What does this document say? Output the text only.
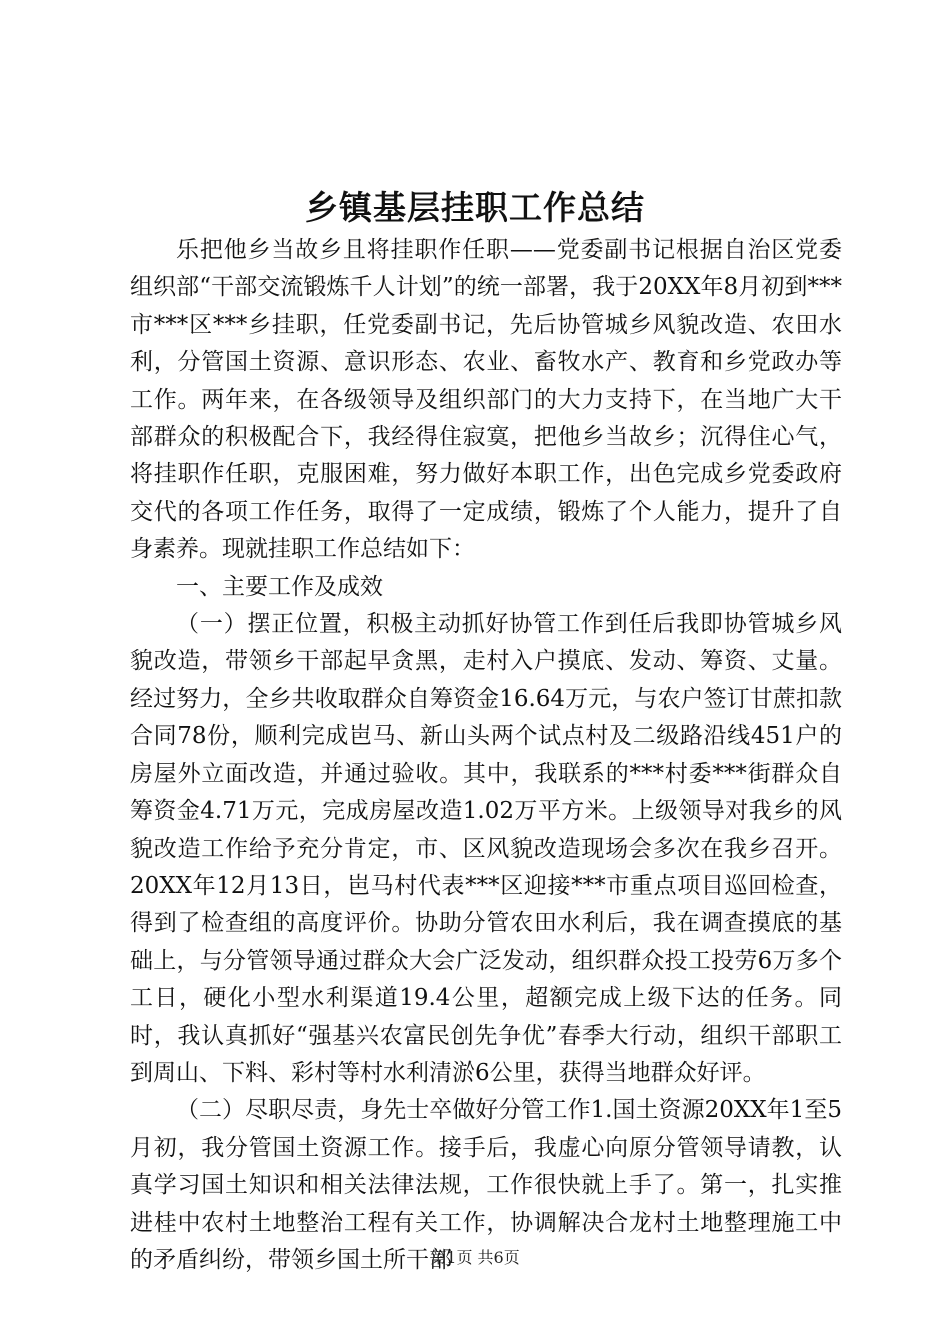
乡镇基层挂职工作总结

乐把他乡当故乡且将挂职作任职——党委副书记根据自治区党委组织部“干部交流锻炼千人计划”的统一部署，我于20XX年8月初到***市***区***乡挂职，任党委副书记，先后协管城乡风貌改造、农田水利，分管国土资源、意识形态、农业、畜牧水产、教育和乡党政办等工作。两年来，在各级领导及组织部门的大力支持下，在当地广大干部群众的积极配合下，我经得住寂寞，把他乡当故乡；沉得住心气，将挂职作任职，克服困难，努力做好本职工作，出色完成乡党委政府交代的各项工作任务，取得了一定成绩，锻炼了个人能力，提升了自身素养。现就挂职工作总结如下：

一、主要工作及成效

（一）摆正位置，积极主动抓好协管工作到任后我即协管城乡风貌改造，带领乡干部起早贪黑，走村入户摸底、发动、筹资、丈量。经过努力，全乡共收取群众自筹资金16.64万元，与农户签订甘蔗扣款合同78份，顺利完成岜马、新山头两个试点村及二级路沿线451户的房屋外立面改造，并通过验收。其中，我联系的***村委***街群众自筹资金4.71万元，完成房屋改造1.02万平方米。上级领导对我乡的风貌改造工作给予充分肯定，市、区风貌改造现场会多次在我乡召开。20XX年12月13日，岜马村代表***区迎接***市重点项目巡回检查，得到了检查组的高度评价。协助分管农田水利后，我在调查摸底的基础上，与分管领导通过群众大会广泛发动，组织群众投工投劳6万多个工日，硬化小型水利渠道19.4公里，超额完成上级下达的任务。同时，我认真抓好“强基兴农富民创先争优”春季大行动，组织干部职工到周山、下料、彩村等村水利清淤6公里，获得当地群众好评。

（二）尽职尽责，身先士卒做好分管工作1.国土资源20XX年1至5月初，我分管国土资源工作。接手后，我虚心向原分管领导请教，认真学习国土知识和相关法律法规，工作很快就上手了。第一，扎实推进桂中农村土地整治工程有关工作，协调解决合龙村土地整理施工中的矛盾纠纷，带领乡国土所干部

第1页 共6页
